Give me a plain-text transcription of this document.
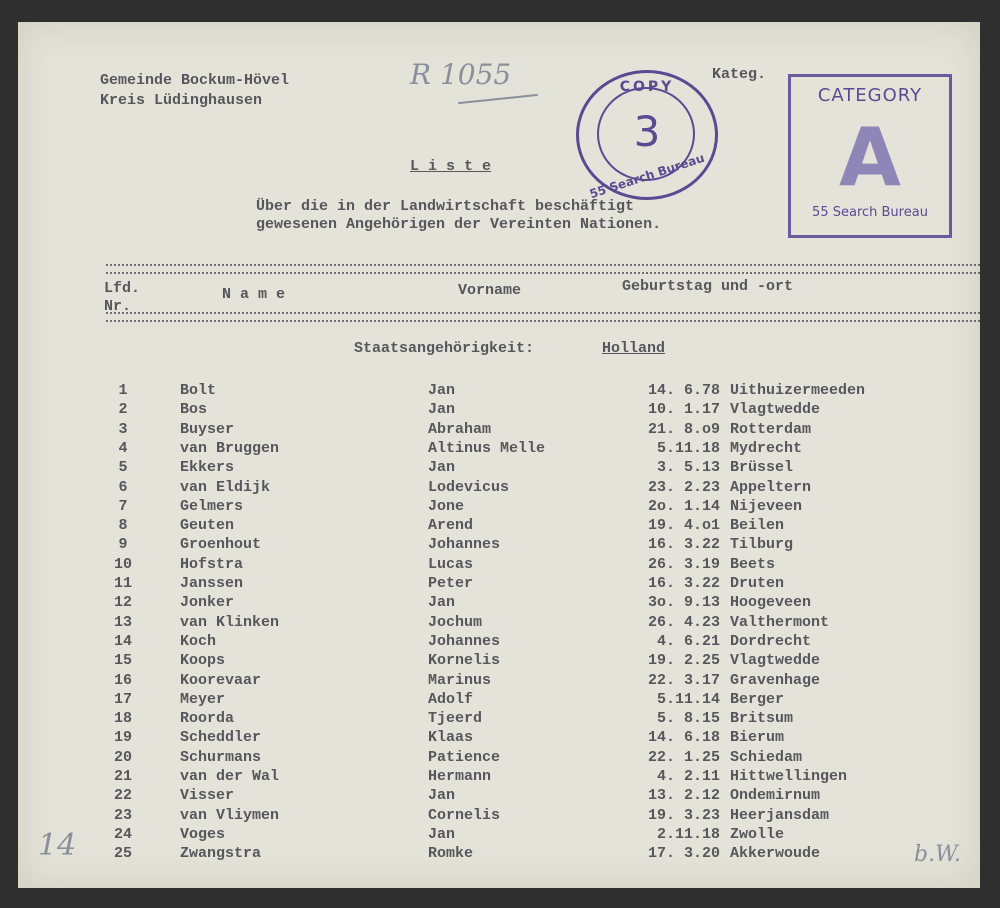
Gemeinde Bockum-Hövel
Kreis Lüdinghausen
R 1055	Kateg.
COPY
3
55 Search Bureau
CATEGORY
A
55 Search Bureau
L i s t e
Über die in der Landwirtschaft beschäftigt
gewesenen Angehörigen der Vereinten Nationen.
Lfd.
Nr.
N a m e	Vorname	Geburtstag und -ort
Staatsangehörigkeit:	Holland
1	Bolt	Jan	14. 6.78 Uithuizermeeden
2	Bos	Jan	10. 1.17 Vlagtwedde
3	Buyser	Abraham	21. 8.o9 Rotterdam
4	van Bruggen	Altinus Melle	5.11.18 Mydrecht
5	Ekkers	Jan	3. 5.13 Brüssel
6	van Eldijk	Lodevicus	23. 2.23 Appeltern
7	Gelmers	Jone	2o. 1.14 Nijeveen
8	Geuten	Arend	19. 4.o1 Beilen
9	Groenhout	Johannes	16. 3.22 Tilburg
10	Hofstra	Lucas	26. 3.19 Beets
11	Janssen	Peter	16. 3.22 Druten
12	Jonker	Jan	3o. 9.13 Hoogeveen
13	van Klinken	Jochum	26. 4.23 Valthermont
14	Koch	Johannes	4. 6.21 Dordrecht
15	Koops	Kornelis	19. 2.25 Vlagtwedde
16	Koorevaar	Marinus	22. 3.17 Gravenhage
17	Meyer	Adolf	5.11.14 Berger
18	Roorda	Tjeerd	5. 8.15 Britsum
19	Scheddler	Klaas	14. 6.18 Bierum
20	Schurmans	Patience	22. 1.25 Schiedam
21	van der Wal	Hermann	4. 2.11 Hittwellingen
22	Visser	Jan	13. 2.12 Ondemirnum
23	van Vliymen	Cornelis	19. 3.23 Heerjansdam
24	Voges	Jan	2.11.18 Zwolle
25	Zwangstra	Romke	17. 3.20 Akkerwoude
14	b.W.
